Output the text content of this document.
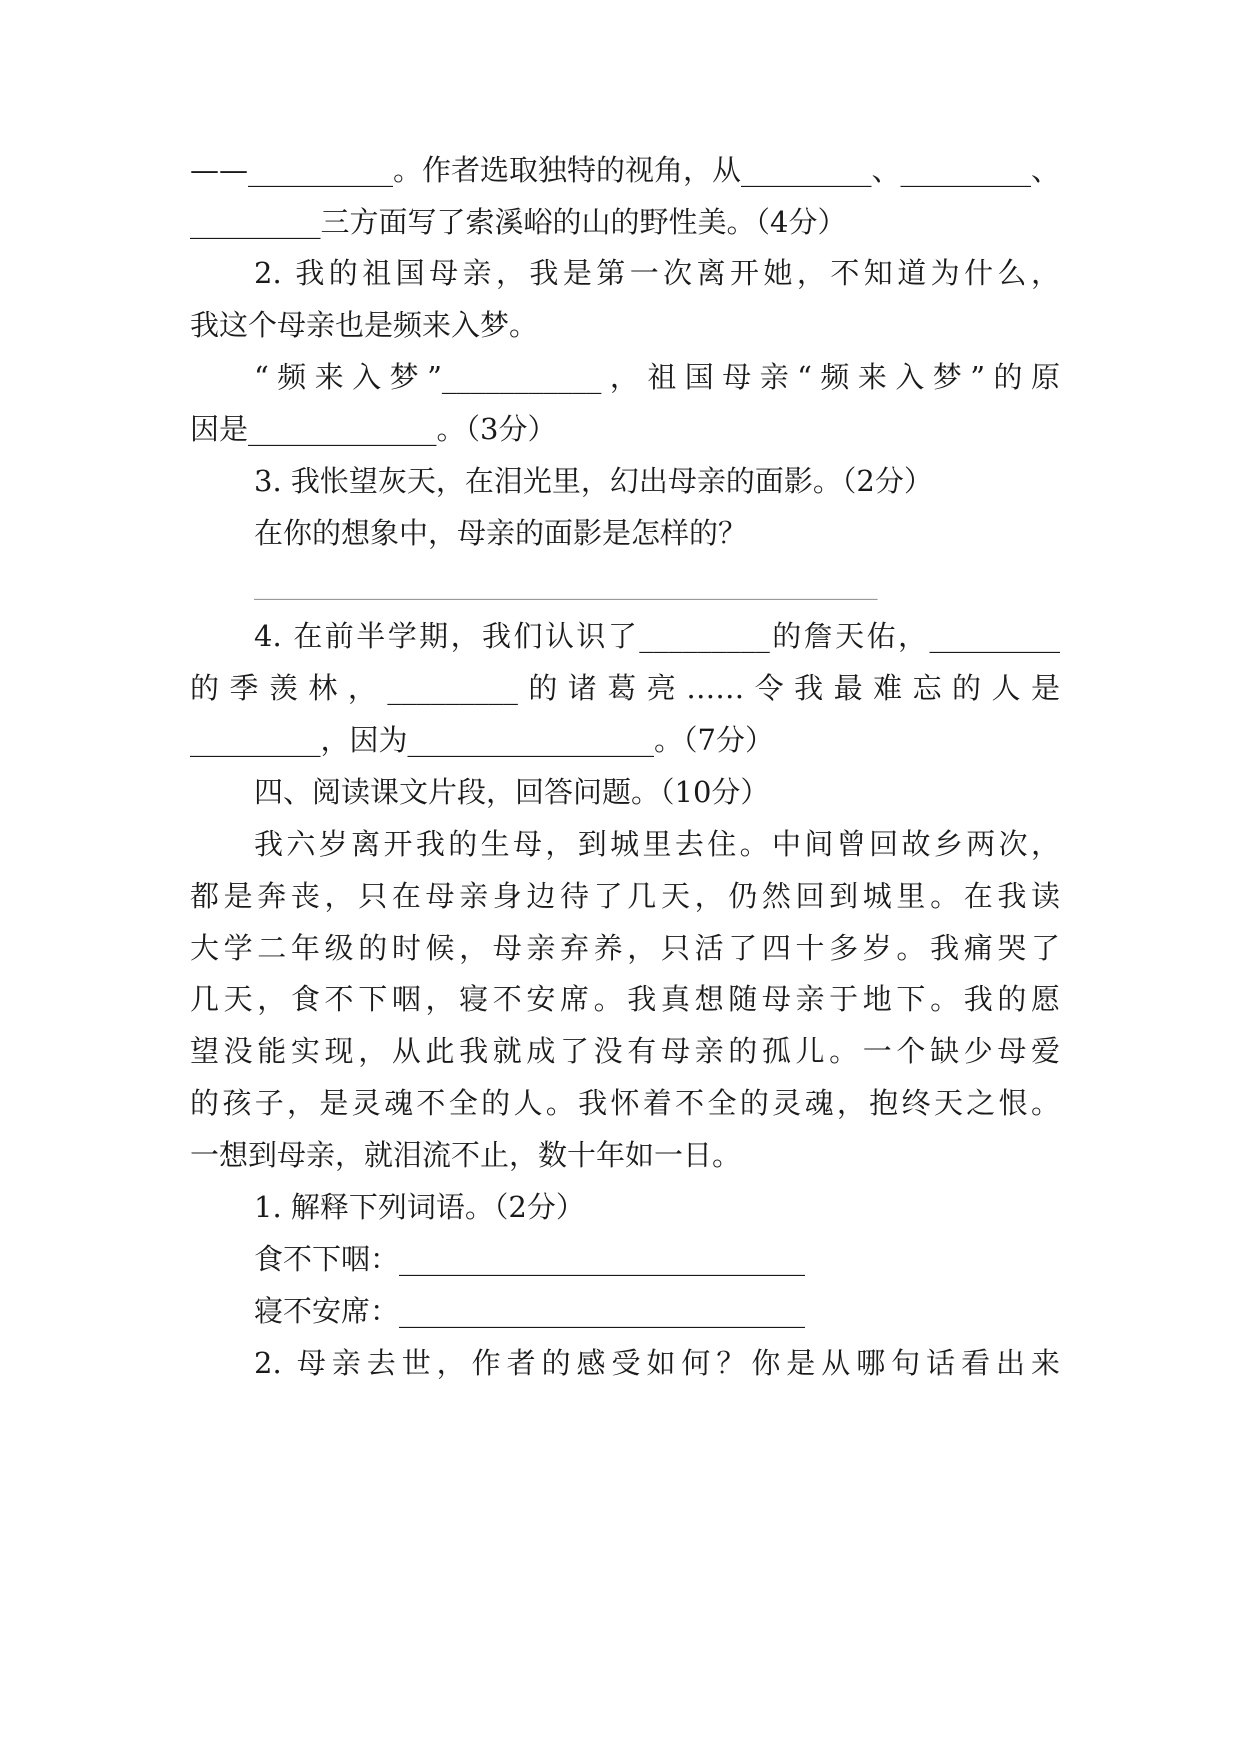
——__________。作者选取独特的视角，从_________、_________、
_________三方面写了索溪峪的山的野性美。（4分）
2. 我的祖国母亲，我是第一次离开她，不知道为什么，
我这个母亲也是频来入梦。
“频来入梦”___________，祖国母亲“频来入梦”的原
因是_____________。（3分）
3. 我怅望灰天，在泪光里，幻出母亲的面影。（2分）
在你的想象中，母亲的面影是怎样的？
___________________________________________
4. 在前半学期，我们认识了_________的詹天佑，_________
的季羡林，_________的诸葛亮……令我最难忘的人是
_________，因为_________________。（7分）
四、阅读课文片段，回答问题。（10分）
我六岁离开我的生母，到城里去住。中间曾回故乡两次，
都是奔丧，只在母亲身边待了几天，仍然回到城里。在我读
大学二年级的时候，母亲弃养，只活了四十多岁。我痛哭了
几天，食不下咽，寝不安席。我真想随母亲于地下。我的愿
望没能实现，从此我就成了没有母亲的孤儿。一个缺少母爱
的孩子，是灵魂不全的人。我怀着不全的灵魂，抱终天之恨。
一想到母亲，就泪流不止，数十年如一日。
1. 解释下列词语。（2分）
食不下咽：____________________________
寝不安席：____________________________
2. 母亲去世，作者的感受如何？你是从哪句话看出来
